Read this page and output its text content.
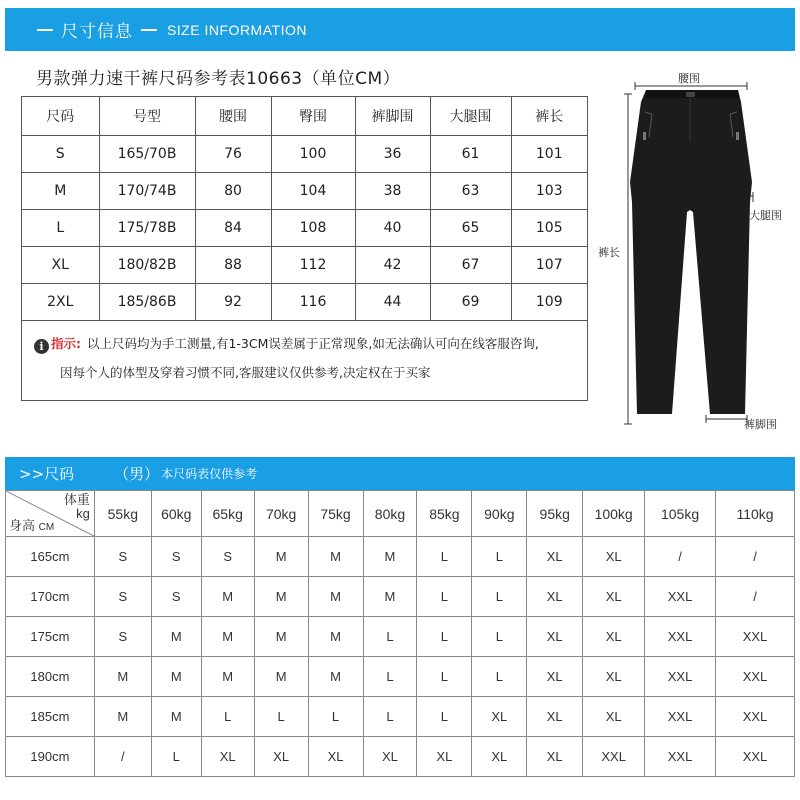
尺寸信息 SIZE INFORMATION
男款弹力速干裤尺码参考表10663（单位CM）
尺码	号型	腰围	臀围	裤脚围	大腿围	裤长
S	165/70B	76	100	36	61	101
M	170/74B	80	104	38	63	103
L	175/78B	84	108	40	65	105
XL	180/82B	88	112	42	67	107
2XL	185/86B	92	116	44	69	109
i 指示: 以上尺码均为手工测量,有1-3CM误差属于正常现象,如无法确认可向在线客服咨询,
因每个人的体型及穿着习惯不同,客服建议仅供参考,决定权在于买家
腰围
大腿围
裤长
裤脚围
>>尺码	（男） 本尺码表仅供参考
体重
kg
身高 CM	55kg	60kg	65kg	70kg	75kg	80kg	85kg	90kg	95kg	100kg	105kg	110kg
165cm	S	S	S	M	M	M	L	L	XL	XL	/	/
170cm	S	S	M	M	M	M	L	L	XL	XL	XXL	/
175cm	S	M	M	M	M	L	L	L	XL	XL	XXL	XXL
180cm	M	M	M	M	M	L	L	L	XL	XL	XXL	XXL
185cm	M	M	L	L	L	L	L	XL	XL	XL	XXL	XXL
190cm	/	L	XL	XL	XL	XL	XL	XL	XL	XXL	XXL	XXL
